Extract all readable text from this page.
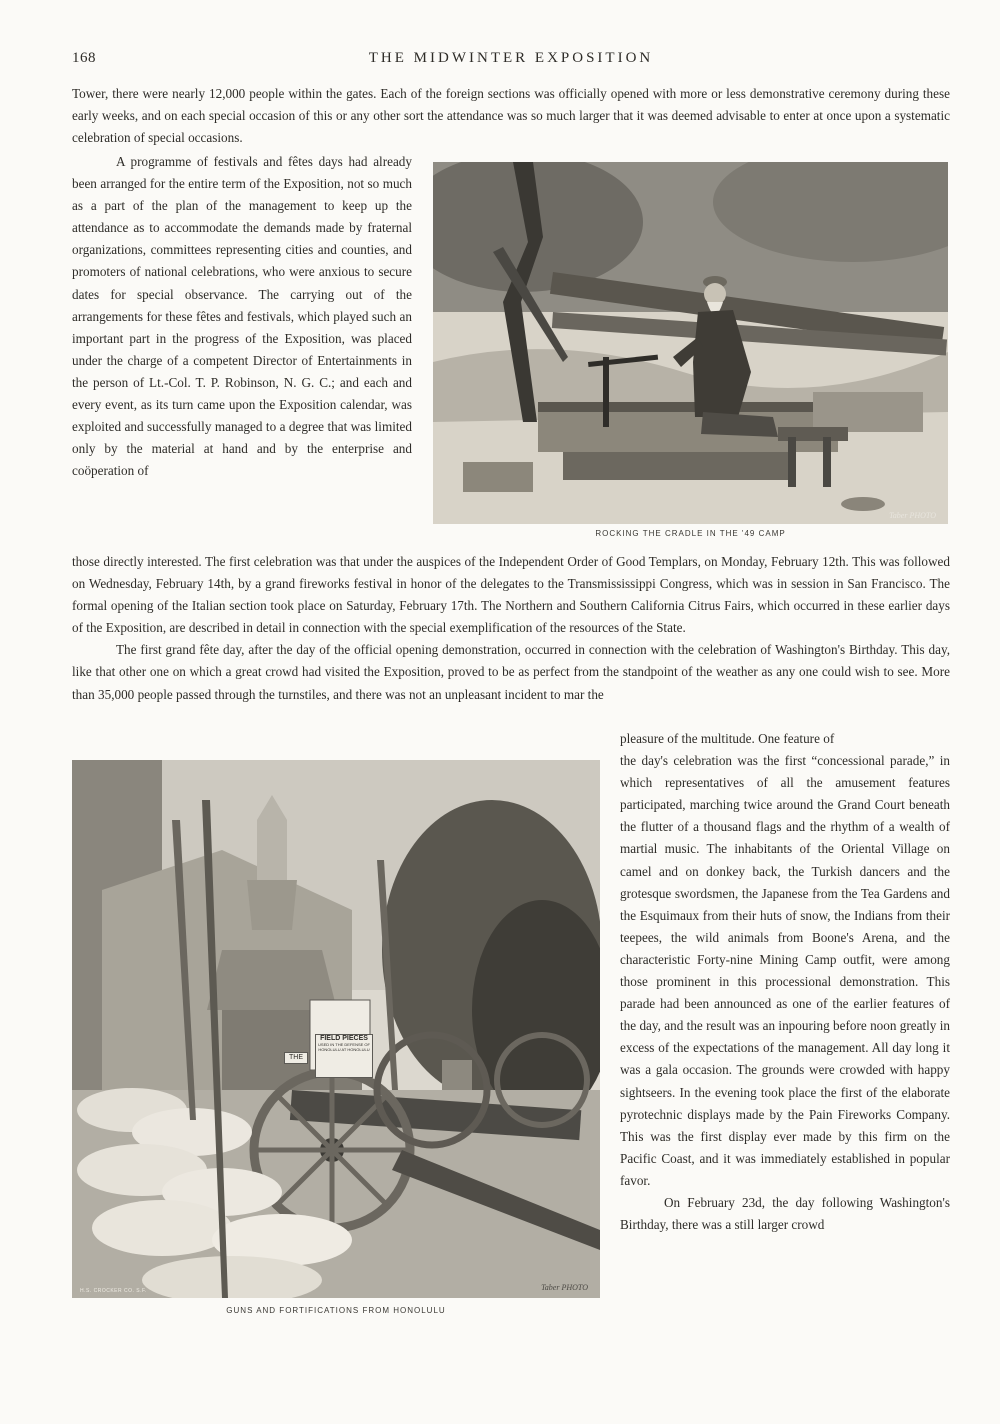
168	THE MIDWINTER EXPOSITION

Tower, there were nearly 12,000 people within the gates. Each of the foreign sections was officially opened with more or less demonstrative ceremony during these early weeks, and on each special occasion of this or any other sort the attendance was so much larger that it was deemed advisable to enter at once upon a systematic celebration of special occasions.

A programme of festivals and fêtes days had already been arranged for the entire term of the Exposition, not so much as a part of the plan of the management to keep up the attendance as to accommodate the demands made by fraternal organizations, committees representing cities and counties, and promoters of national celebrations, who were anxious to secure dates for special observance. The carrying out of the arrangements for these fêtes and festivals, which played such an important part in the progress of the Exposition, was placed under the charge of a competent Director of Entertainments in the person of Lt.-Col. T. P. Robinson, N. G. C.; and each and every event, as its turn came upon the Exposition calendar, was exploited and successfully managed to a degree that was limited only by the material at hand and by the enterprise and coöperation of

Taber PHOTO
ROCKING THE CRADLE IN THE '49 CAMP

those directly interested. The first celebration was that under the auspices of the Independent Order of Good Templars, on Monday, February 12th. This was followed on Wednesday, February 14th, by a grand fireworks festival in honor of the delegates to the Transmississippi Congress, which was in session in San Francisco. The formal opening of the Italian section took place on Saturday, February 17th. The Northern and Southern California Citrus Fairs, which occurred in these earlier days of the Exposition, are described in detail in connection with the special exemplification of the resources of the State.

The first grand fête day, after the day of the official opening demonstration, occurred in connection with the celebration of Washington's Birthday. This day, like that other one on which a great crowd had visited the Exposition, proved to be as perfect from the standpoint of the weather as any one could wish to see. More than 35,000 people passed through the turnstiles, and there was not an unpleasant incident to mar the

pleasure of the multitude. One feature of

the day's celebration was the first “concessional parade,” in which representatives of all the amusement features participated, marching twice around the Grand Court beneath the flutter of a thousand flags and the rhythm of a wealth of martial music. The inhabitants of the Oriental Village on camel and on donkey back, the Turkish dancers and the grotesque swordsmen, the Japanese from the Tea Gardens and the Esquimaux from their huts of snow, the Indians from their teepees, the wild animals from Boone's Arena, and the characteristic Forty-nine Mining Camp outfit, were among those prominent in this processional demonstration. This parade had been announced as one of the earlier features of the day, and the result was an inpouring before noon greatly in excess of the expectations of the management. All day long it was a gala occasion. The grounds were crowded with happy sightseers. In the evening took place the first of the elaborate pyrotechnic displays made by the Pain Fireworks Company. This was the first display ever made by this firm on the Pacific Coast, and it was immediately established in popular favor.

On February 23d, the day following Washington's Birthday, there was a still larger crowd

FIELD PIECES
USED IN THE DEFENSE OF HONOLULU AT HONOLULU
THE
H.S. CROCKER CO. S.F.	Taber PHOTO
GUNS AND FORTIFICATIONS FROM HONOLULU
